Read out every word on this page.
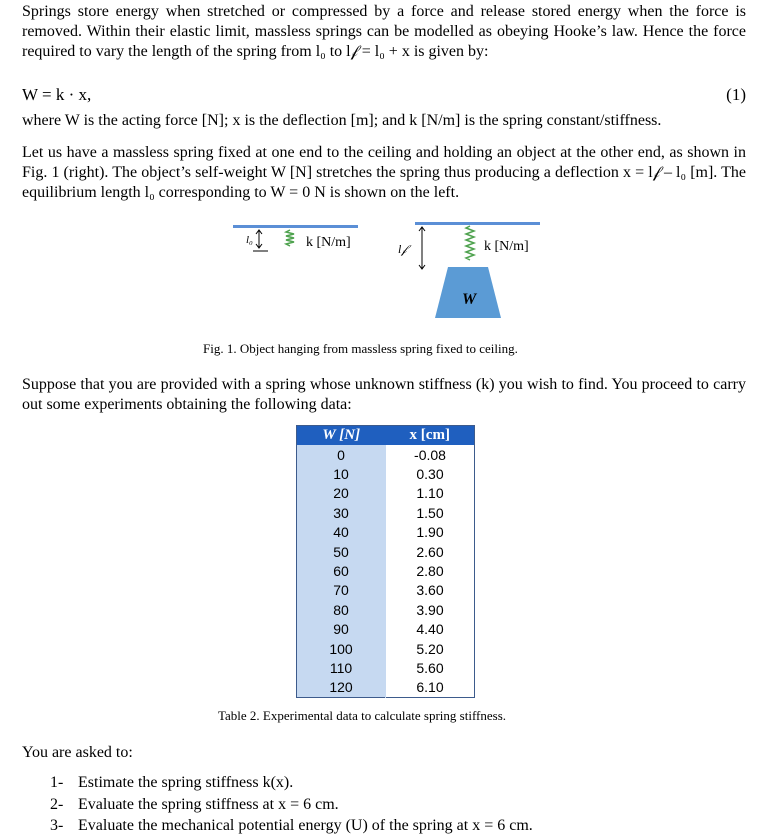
Springs store energy when stretched or compressed by a force and release stored energy when the force is removed. Within their elastic limit, massless springs can be modelled as obeying Hooke’s law. Hence the force required to vary the length of the spring from l₀ to l𝒻 = l₀ + x is given by:
W = k · x,	(1)
where W is the acting force [N]; x is the deflection [m]; and k [N/m] is the spring constant/stiffness.
Let us have a massless spring fixed at one end to the ceiling and holding an object at the other end, as shown in Fig. 1 (right). The object’s self-weight W [N] stretches the spring thus producing a deflection x = l𝒻 – l₀ [m]. The equilibrium length l₀ corresponding to W = 0 N is shown on the left.
l₀	k [N/m]	l𝒻	k [N/m]
W
Fig. 1. Object hanging from massless spring fixed to ceiling.
Suppose that you are provided with a spring whose unknown stiffness (k) you wish to find. You proceed to carry out some experiments obtaining the following data:
W [N]	x [cm]
0	-0.08
10	0.30
20	1.10
30	1.50
40	1.90
50	2.60
60	2.80
70	3.60
80	3.90
90	4.40
100	5.20
110	5.60
120	6.10
Table 2. Experimental data to calculate spring stiffness.
You are asked to:
1- Estimate the spring stiffness k(x).
2- Evaluate the spring stiffness at x = 6 cm.
3- Evaluate the mechanical potential energy (U) of the spring at x = 6 cm.
